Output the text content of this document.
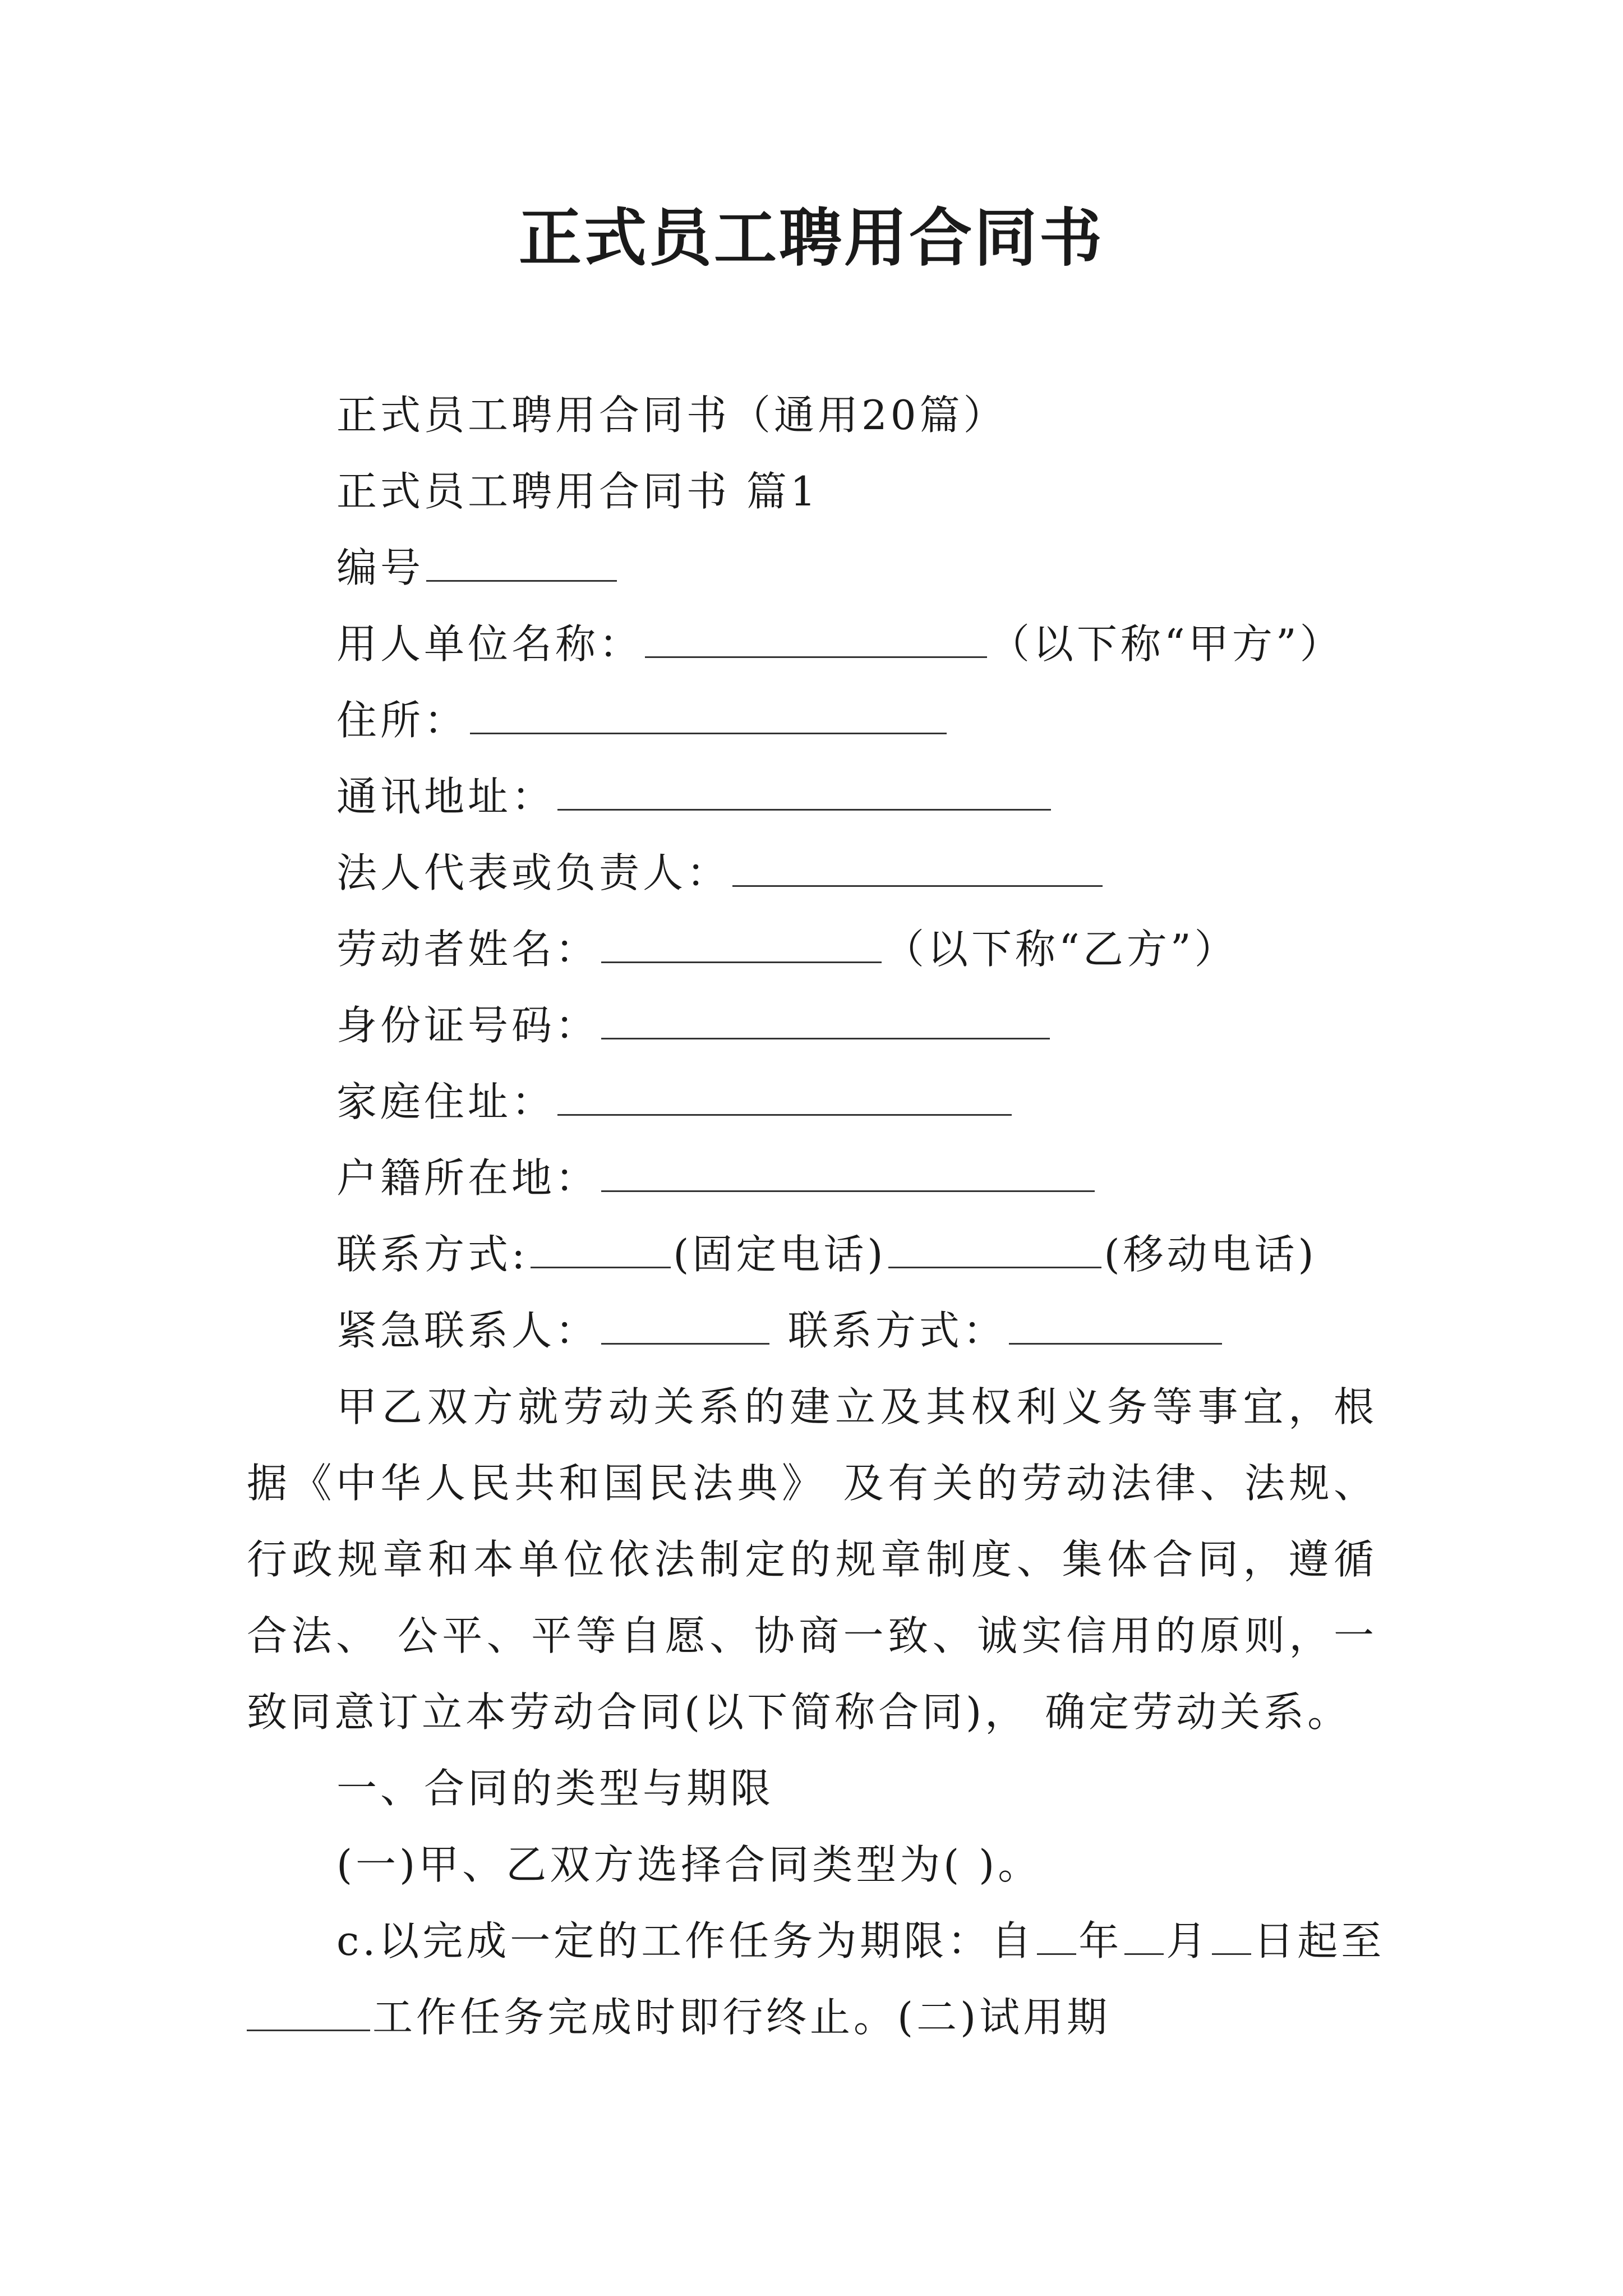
正式员工聘用合同书
正式员工聘用合同书（通用20篇）
正式员工聘用合同书 篇1
编号
用人单位名称：	（以下称“甲方”）
住所：
通讯地址：
法人代表或负责人：
劳动者姓名：	（以下称“乙方”）
身份证号码：
家庭住址：
户籍所在地：
联系方式:	(固定电话)	(移动电话)
紧急联系人：	联系方式：
甲乙双方就劳动关系的建立及其权利义务等事宜，根据《中华人民共和国民法典》 及有关的劳动法律、法规、行政规章和本单位依法制定的规章制度、集体合同，遵循合法、 公平、平等自愿、协商一致、诚实信用的原则，一致同意订立本劳动合同(以下简称合同)， 确定劳动关系。
一、合同的类型与期限
(一)甲、乙双方选择合同类型为( )。
c.以完成一定的工作任务为期限：自 年 月 日起至
工作任务完成时即行终止。(二)试用期
